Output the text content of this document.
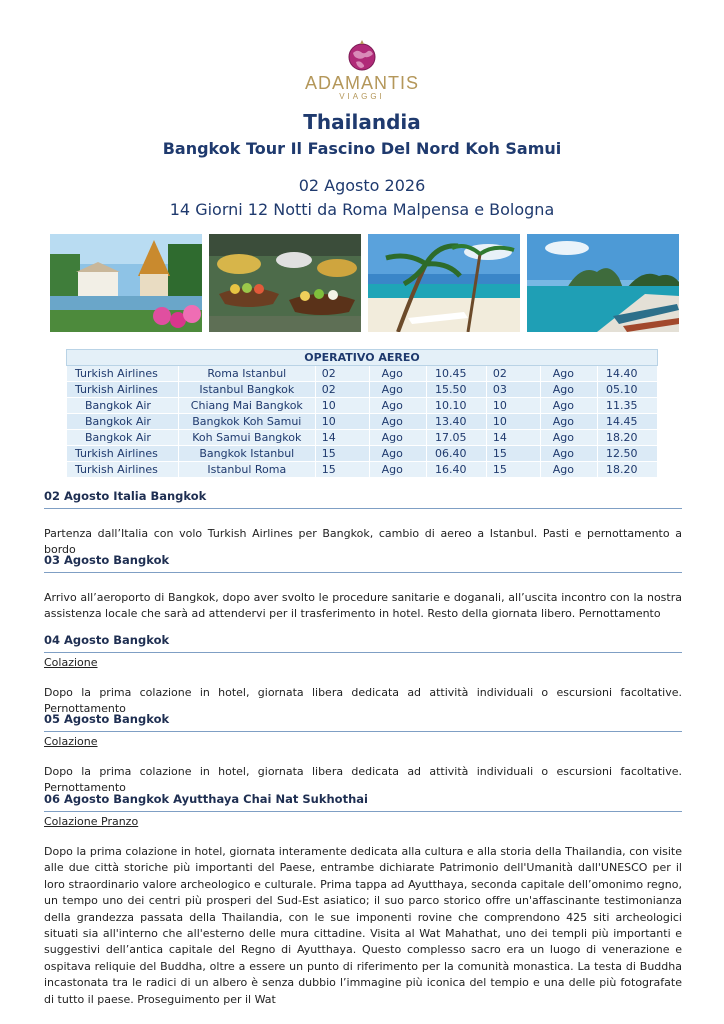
ADAMANTIS
VIAGGI
Thailandia
Bangkok Tour Il Fascino Del Nord Koh Samui
02 Agosto 2026
14 Giorni 12 Notti da Roma Malpensa e Bologna
OPERATIVO AEREO							
Turkish Airlines	Roma Istanbul	02	Ago	10.45	02	Ago	14.40
Turkish Airlines	Istanbul Bangkok	02	Ago	15.50	03	Ago	05.10
Bangkok Air	Chiang Mai Bangkok	10	Ago	10.10	10	Ago	11.35
Bangkok Air	Bangkok Koh Samui	10	Ago	13.40	10	Ago	14.45
Bangkok Air	Koh Samui Bangkok	14	Ago	17.05	14	Ago	18.20
Turkish Airlines	Bangkok Istanbul	15	Ago	06.40	15	Ago	12.50
Turkish Airlines	Istanbul Roma	15	Ago	16.40	15	Ago	18.20
02 Agosto Italia Bangkok
Partenza dall’Italia con volo Turkish Airlines per Bangkok, cambio di aereo a Istanbul. Pasti e pernottamento a bordo
03 Agosto Bangkok
Arrivo all’aeroporto di Bangkok, dopo aver svolto le procedure sanitarie e doganali, all’uscita incontro con la nostra assistenza locale che sarà ad attendervi per il trasferimento in hotel. Resto della giornata libero. Pernottamento
04 Agosto Bangkok
Colazione
Dopo la prima colazione in hotel, giornata libera dedicata ad attività individuali o escursioni facoltative. Pernottamento
05 Agosto Bangkok
Colazione
Dopo la prima colazione in hotel, giornata libera dedicata ad attività individuali o escursioni facoltative. Pernottamento
06 Agosto Bangkok Ayutthaya Chai Nat Sukhothai
Colazione Pranzo
Dopo la prima colazione in hotel, giornata interamente dedicata alla cultura e alla storia della Thailandia, con visite alle due città storiche più importanti del Paese, entrambe dichiarate Patrimonio dell'Umanità dall'UNESCO per il loro straordinario valore archeologico e culturale. Prima tappa ad Ayutthaya, seconda capitale dell’omonimo regno, un tempo uno dei centri più prosperi del Sud-Est asiatico; il suo parco storico offre un'affascinante testimonianza della grandezza passata della Thailandia, con le sue imponenti rovine che comprendono 425 siti archeologici situati sia all'interno che all'esterno delle mura cittadine. Visita al Wat Mahathat, uno dei templi più importanti e suggestivi dell’antica capitale del Regno di Ayutthaya. Questo complesso sacro era un luogo di venerazione e ospitava reliquie del Buddha, oltre a essere un punto di riferimento per la comunità monastica. La testa di Buddha incastonata tra le radici di un albero è senza dubbio l’immagine più iconica del tempio e una delle più fotografate di tutto il paese. Proseguimento per il Wat
